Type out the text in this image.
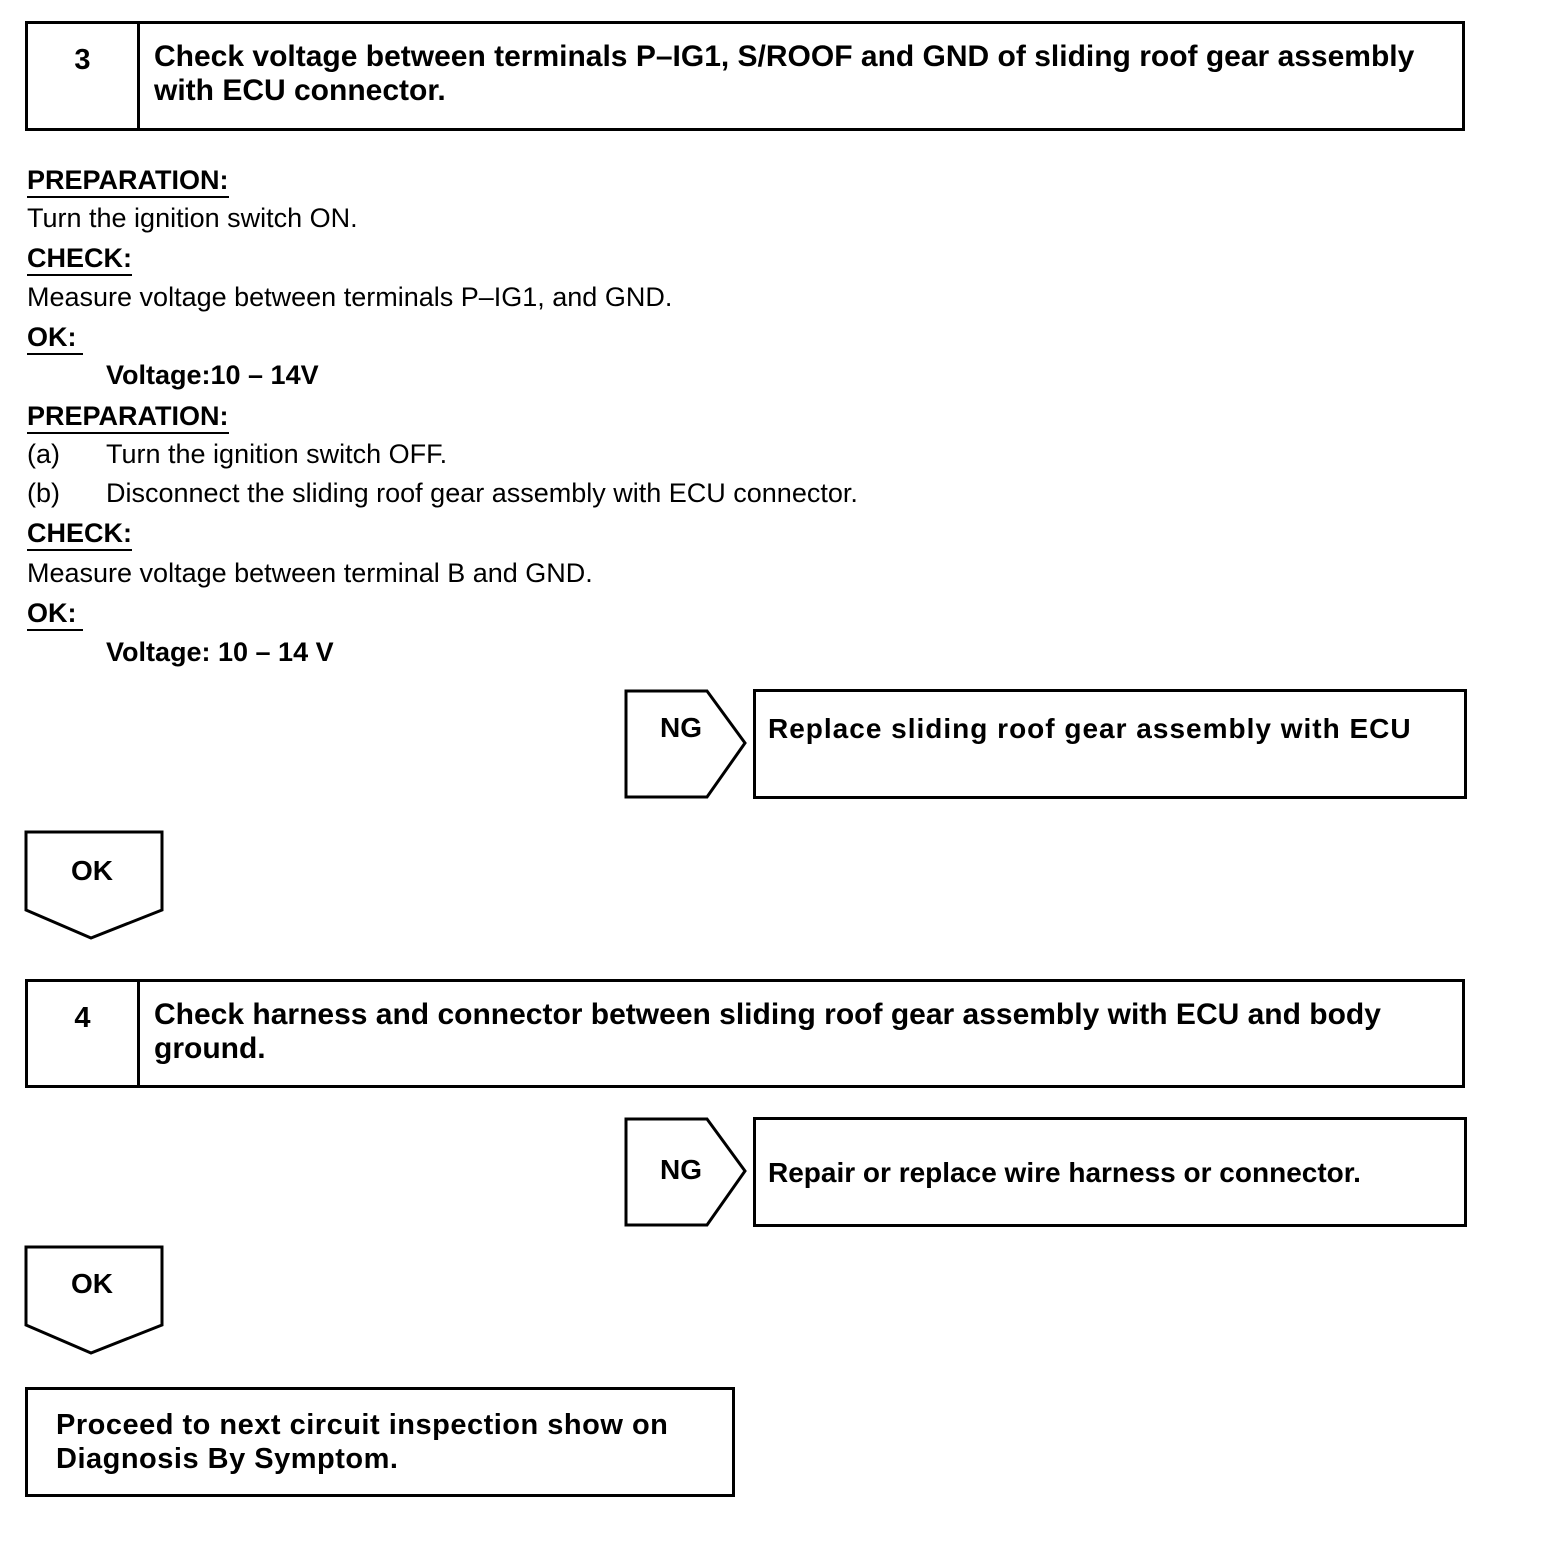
3	Check voltage between terminals P–IG1, S/ROOF and GND of sliding roof gear assembly with ECU connector.
PREPARATION:
Turn the ignition switch ON.
CHECK:
Measure voltage between terminals P–IG1, and GND.
OK:
Voltage:10 – 14V
PREPARATION:
(a) Turn the ignition switch OFF.
(b) Disconnect the sliding roof gear assembly with ECU connector.
CHECK:
Measure voltage between terminal B and GND.
OK:
Voltage: 10 – 14 V
NG	Replace sliding roof gear assembly with ECU
OK
4	Check harness and connector between sliding roof gear assembly with ECU and body ground.
NG	Repair or replace wire harness or connector.
OK
Proceed to next circuit inspection show on Diagnosis By Symptom.
